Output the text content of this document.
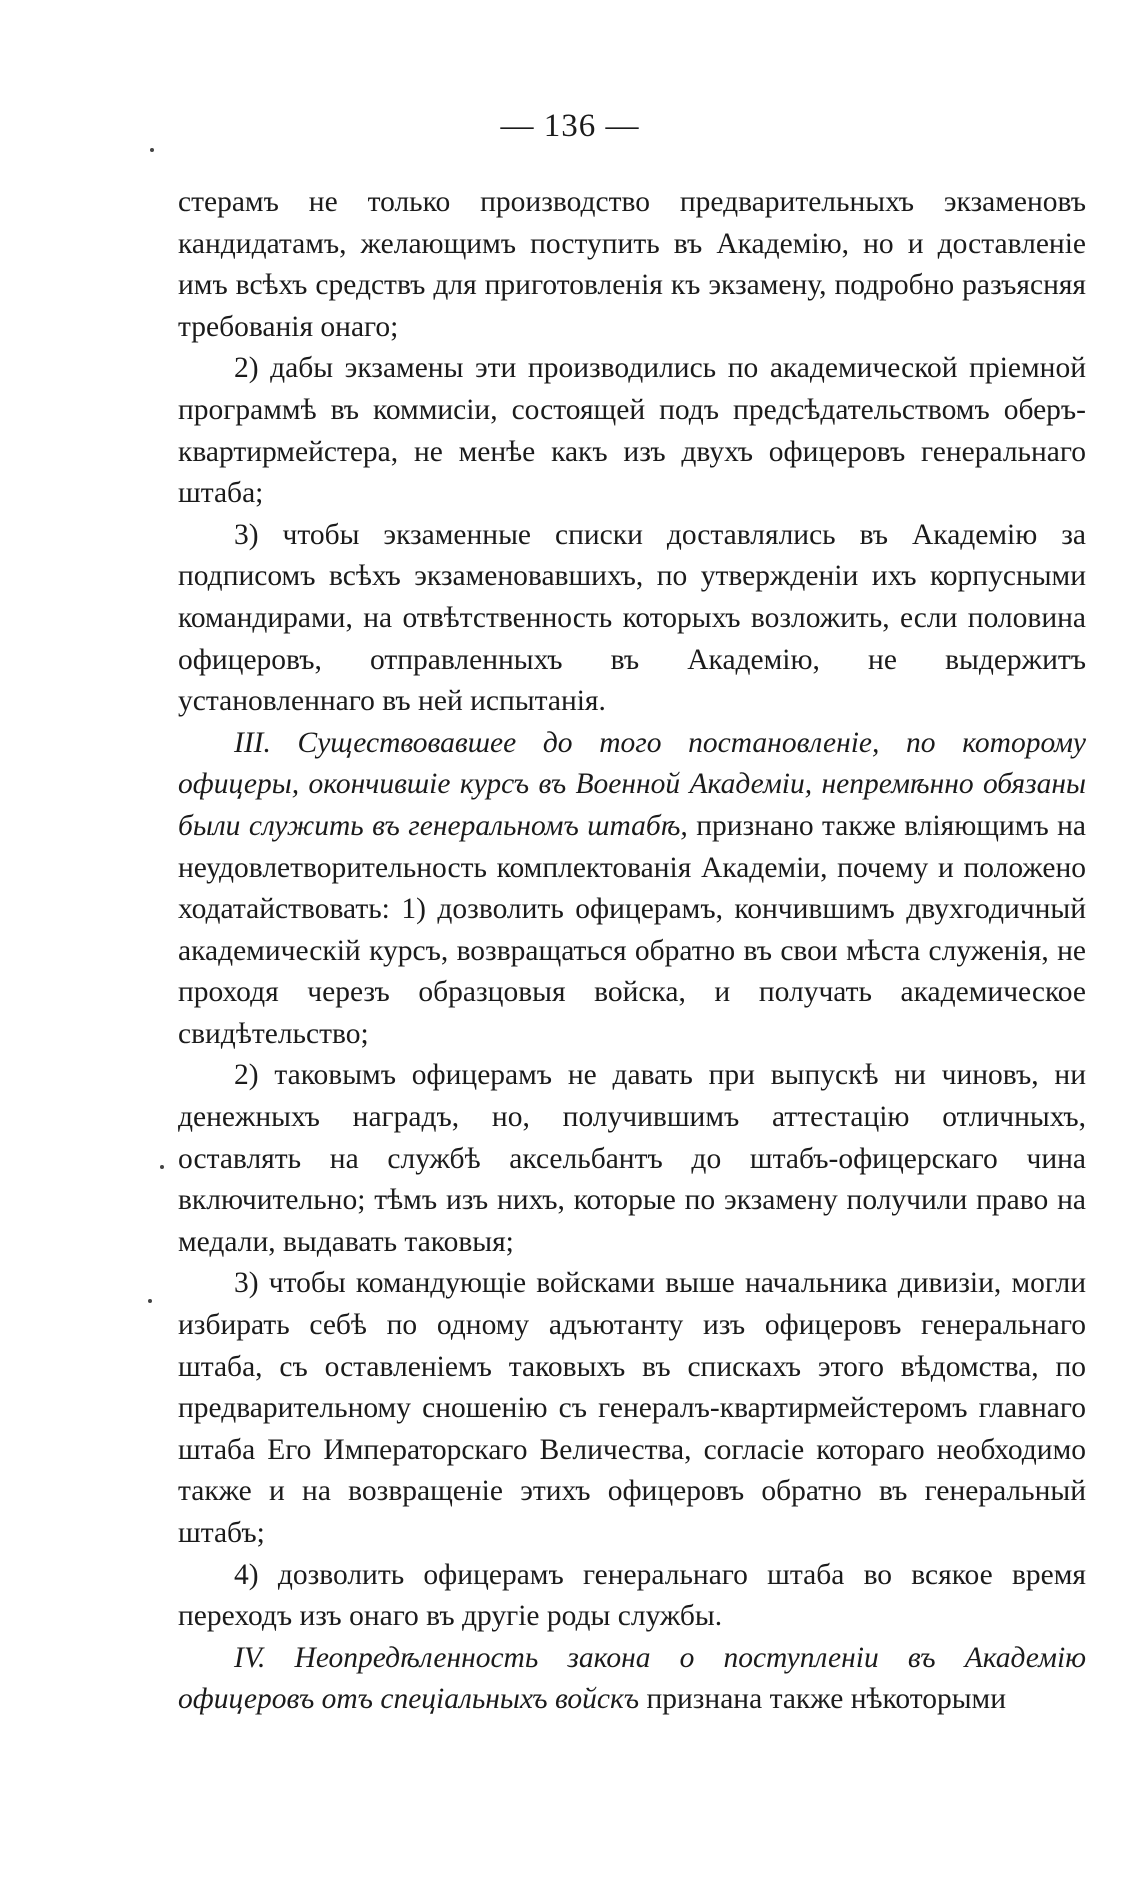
— 136 —

стерамъ не только производство предварительныхъ экзаменовъ кандидатамъ, желающимъ поступить въ Академію, но и доставленіе имъ всѣхъ средствъ для приготовленія къ экзамену, подробно разъясняя требованія онаго;

2) дабы экзамены эти производились по академической пріемной программѣ въ коммисіи, состоящей подъ предсѣдательствомъ оберъ-квартирмейстера, не менѣе какъ изъ двухъ офицеровъ генеральнаго штаба;

3) чтобы экзаменные списки доставлялись въ Академію за подписомъ всѣхъ экзаменовавшихъ, по утвержденіи ихъ корпусными командирами, на отвѣтственность которыхъ возложить, если половина офицеровъ, отправленныхъ въ Академію, не выдержитъ установленнаго въ ней испытанія.

III. Существовавшее до того постановленіе, по которому офицеры, окончившіе курсъ въ Военной Академіи, непремѣнно обязаны были служить въ генеральномъ штабѣ, признано также вліяющимъ на неудовлетворительность комплектованія Академіи, почему и положено ходатайствовать: 1) дозволить офицерамъ, кончившимъ двухгодичный академическій курсъ, возвращаться обратно въ свои мѣста служенія, не проходя черезъ образцовыя войска, и получать академическое свидѣтельство;

2) таковымъ офицерамъ не давать при выпускѣ ни чиновъ, ни денежныхъ наградъ, но, получившимъ аттестацію отличныхъ, оставлять на службѣ аксельбантъ до штабъ-офицерскаго чина включительно; тѣмъ изъ нихъ, которые по экзамену получили право на медали, выдавать таковыя;

3) чтобы командующіе войсками выше начальника дивизіи, могли избирать себѣ по одному адъютанту изъ офицеровъ генеральнаго штаба, съ оставленіемъ таковыхъ въ спискахъ этого вѣдомства, по предварительному сношенію съ генералъ-квартирмейстеромъ главнаго штаба Его Императорскаго Величества, согласіе котораго необходимо также и на возвращеніе этихъ офицеровъ обратно въ генеральный штабъ;

4) дозволить офицерамъ генеральнаго штаба во всякое время переходъ изъ онаго въ другіе роды службы.

IV. Неопредѣленность закона о поступленіи въ Академію офицеровъ отъ спеціальныхъ войскъ признана также нѣкоторыми
